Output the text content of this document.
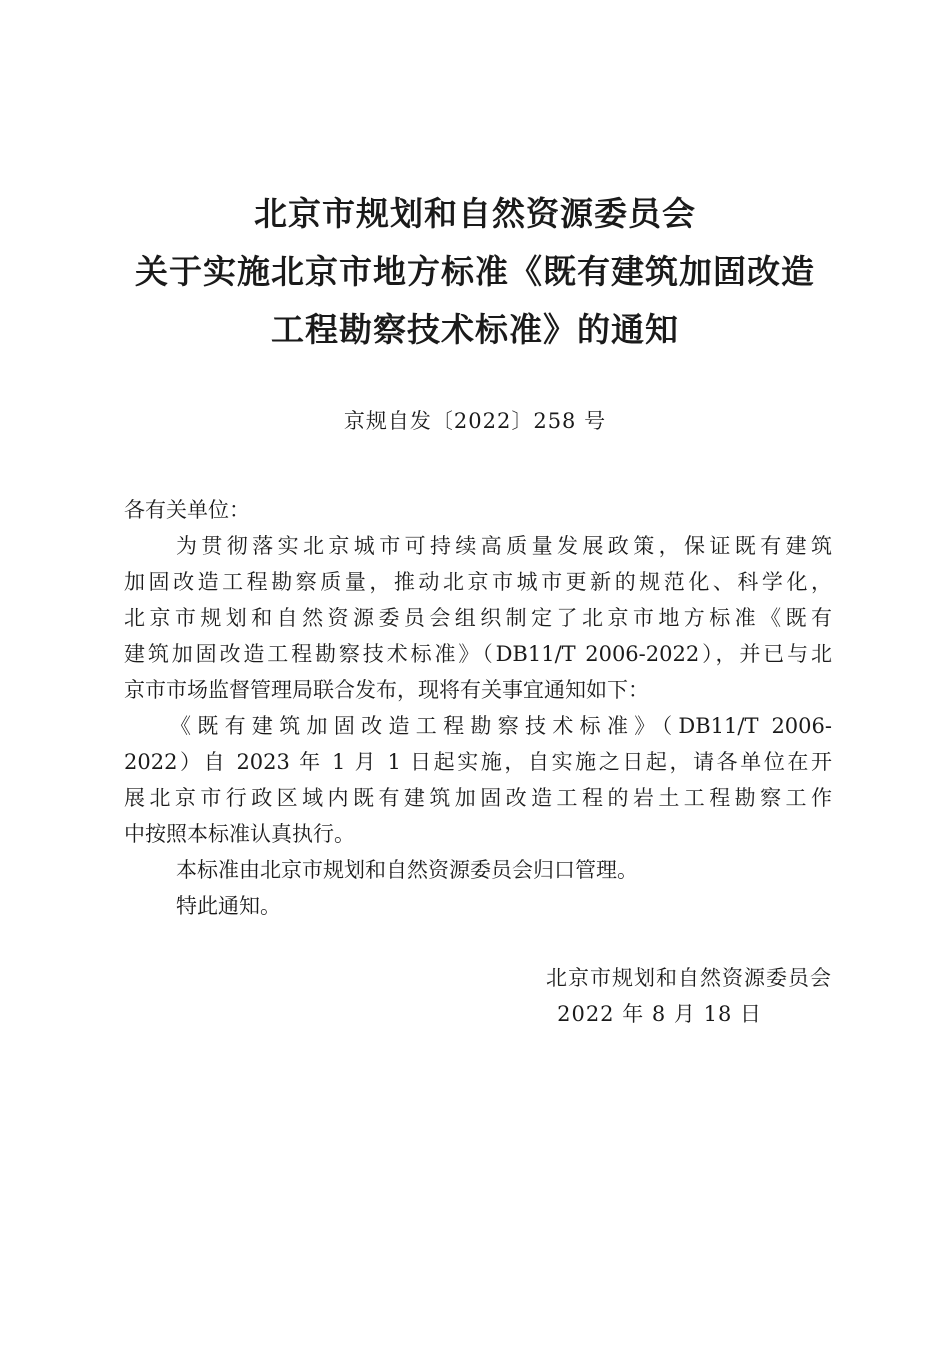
北京市规划和自然资源委员会
关于实施北京市地方标准《既有建筑加固改造
工程勘察技术标准》的通知
京规自发〔2022〕258 号
各有关单位：
为贯彻落实北京城市可持续高质量发展政策，保证既有建筑
加固改造工程勘察质量，推动北京市城市更新的规范化、科学化，
北京市规划和自然资源委员会组织制定了北京市地方标准《既有
建筑加固改造工程勘察技术标准》（DB11/T 2006-2022），并已与北
京市市场监督管理局联合发布，现将有关事宜通知如下：
《既有建筑加固改造工程勘察技术标准》（DB11/T 2006-
2022）自 2023 年 1 月 1 日起实施，自实施之日起，请各单位在开
展北京市行政区域内既有建筑加固改造工程的岩土工程勘察工作
中按照本标准认真执行。
本标准由北京市规划和自然资源委员会归口管理。
特此通知。
北京市规划和自然资源委员会
2022 年 8 月 18 日
